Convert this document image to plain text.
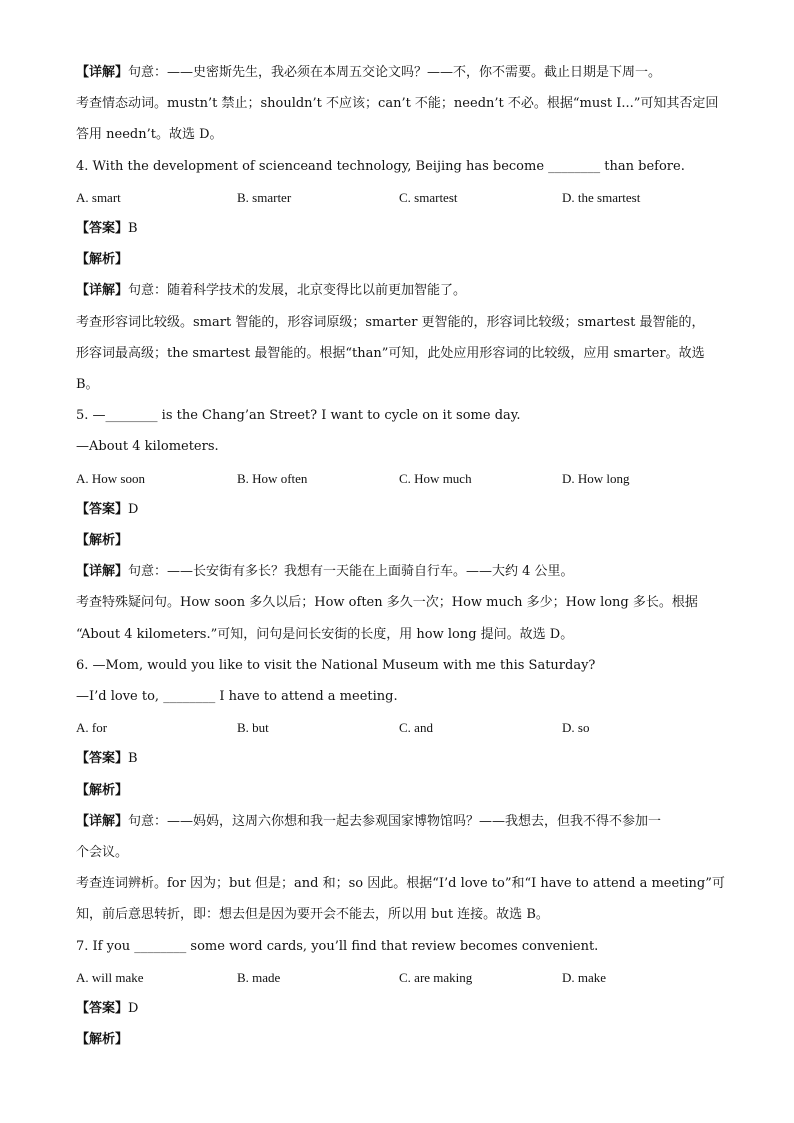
【详解】句意：——史密斯先生，我必须在本周五交论文吗？——不，你不需要。截止日期是下周一。
考查情态动词。mustn’t 禁止；shouldn’t 不应该；can’t 不能；needn’t 不必。根据“must I...”可知其否定回
答用 needn’t。故选 D。
4. With the development of scienceand technology, Beijing has become ________ than before.
A. smart	B. smarter	C. smartest	D. the smartest
【答案】B
【解析】
【详解】句意：随着科学技术的发展，北京变得比以前更加智能了。
考查形容词比较级。smart 智能的，形容词原级；smarter 更智能的，形容词比较级；smartest 最智能的，
形容词最高级；the smartest 最智能的。根据“than”可知，此处应用形容词的比较级，应用 smarter。故选
B。
5. —________ is the Chang’an Street? I want to cycle on it some day.
—About 4 kilometers.
A. How soon	B. How often	C. How much	D. How long
【答案】D
【解析】
【详解】句意：——长安街有多长？我想有一天能在上面骑自行车。——大约 4 公里。
考查特殊疑问句。How soon 多久以后；How often 多久一次；How much 多少；How long 多长。根据
“About 4 kilometers.”可知，问句是问长安街的长度，用 how long 提问。故选 D。
6. —Mom, would you like to visit the National Museum with me this Saturday?
—I’d love to, ________ I have to attend a meeting.
A. for	B. but	C. and	D. so
【答案】B
【解析】
【详解】句意：——妈妈，这周六你想和我一起去参观国家博物馆吗？——我想去，但我不得不参加一
个会议。
考查连词辨析。for 因为；but 但是；and 和；so 因此。根据“I’d love to”和“I have to attend a meeting”可
知，前后意思转折，即：想去但是因为要开会不能去，所以用 but 连接。故选 B。
7. If you ________ some word cards, you’ll find that review becomes convenient.
A. will make	B. made	C. are making	D. make
【答案】D
【解析】
